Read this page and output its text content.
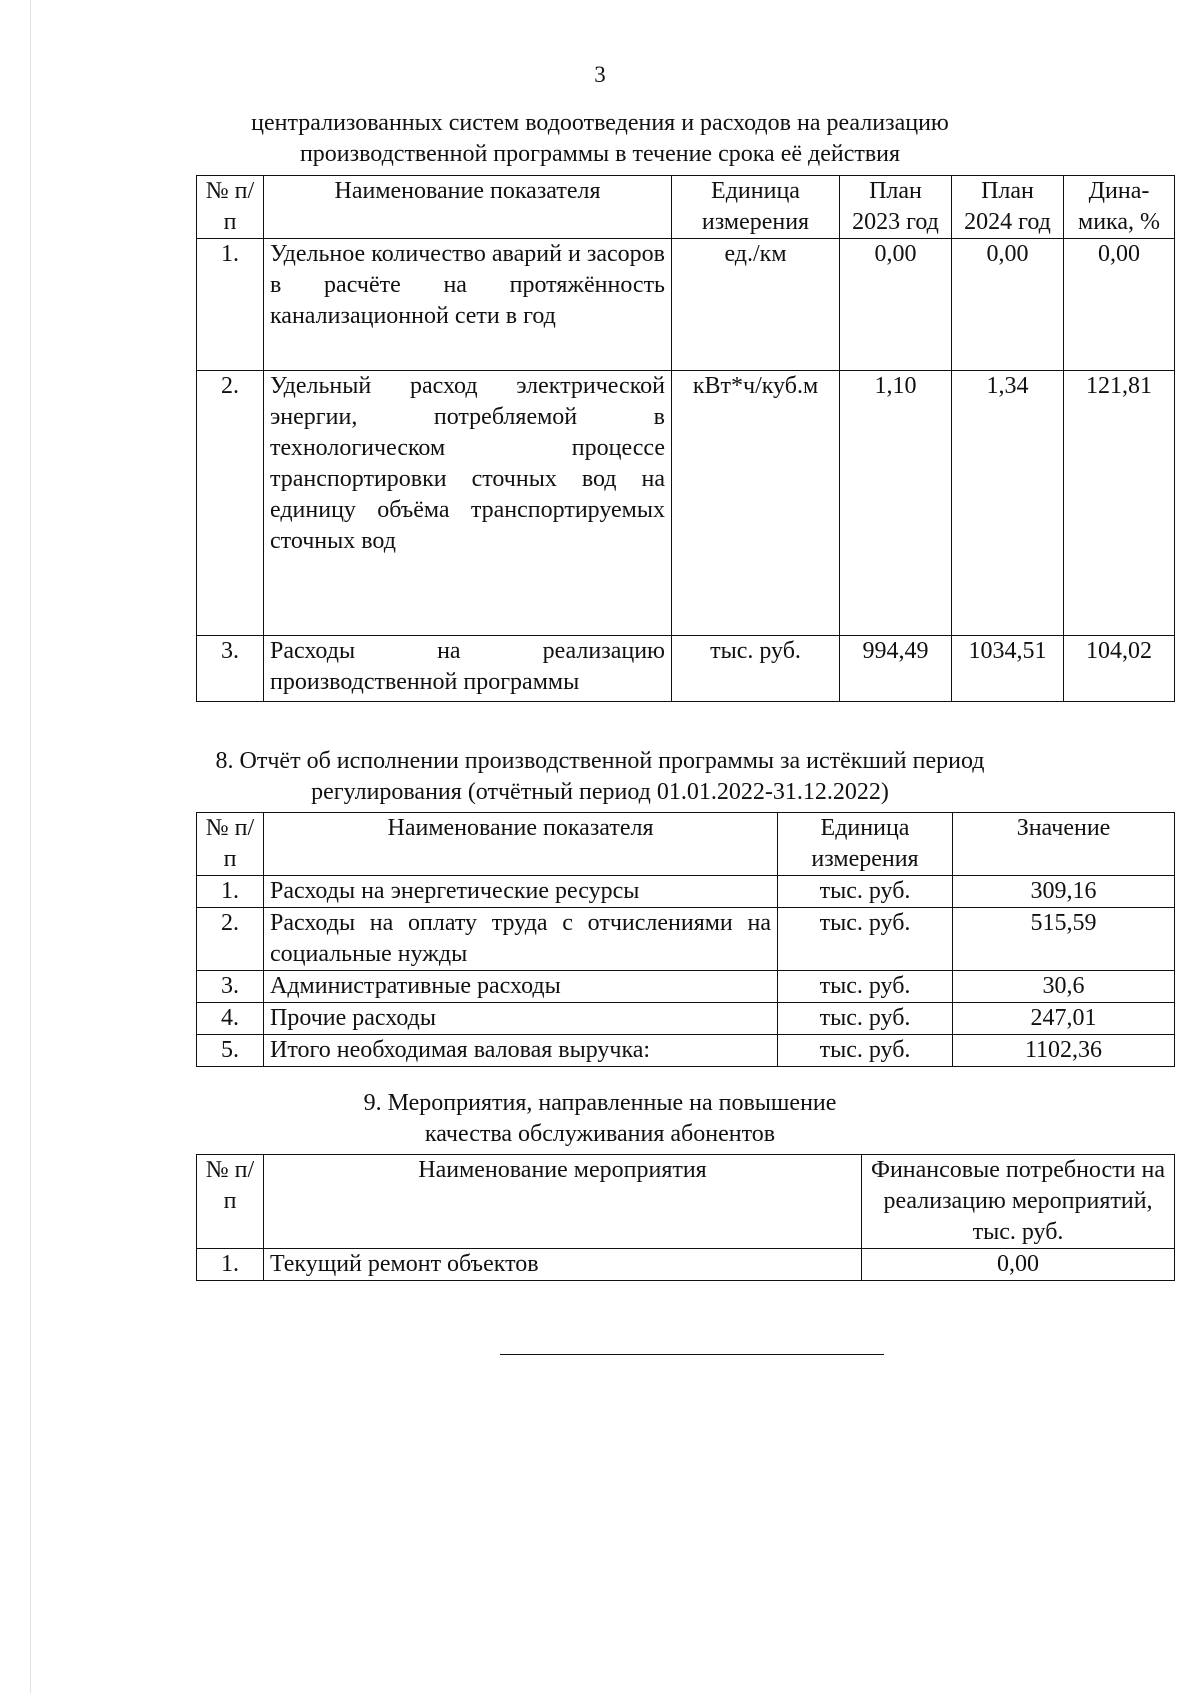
3
централизованных систем водоотведения и расходов на реализацию
производственной программы в течение срока её действия
№ п/п	Наименование показателя	Единица измерения	План 2023 год	План 2024 год	Дина-мика, %
1.	Удельное количество аварий и засоров в расчёте на протяжённость канализационной сети в год	ед./км	0,00	0,00	0,00
2.	Удельный расход электрической энергии, потребляемой в технологическом процессе транспортировки сточных вод на единицу объёма транспортируемых сточных вод	кВт*ч/куб.м	1,10	1,34	121,81
3.	Расходы на реализацию производственной программы	тыс. руб.	994,49	1034,51	104,02
8. Отчёт об исполнении производственной программы за истёкший период
регулирования (отчётный период 01.01.2022-31.12.2022)
№ п/п	Наименование показателя	Единица измерения	Значение
1.	Расходы на энергетические ресурсы	тыс. руб.	309,16
2.	Расходы на оплату труда с отчислениями на социальные нужды	тыс. руб.	515,59
3.	Административные расходы	тыс. руб.	30,6
4.	Прочие расходы	тыс. руб.	247,01
5.	Итого необходимая валовая выручка:	тыс. руб.	1102,36
9. Мероприятия, направленные на повышение
качества обслуживания абонентов
№ п/п	Наименование мероприятия	Финансовые потребности на реализацию мероприятий, тыс. руб.
1.	Текущий ремонт объектов	0,00
